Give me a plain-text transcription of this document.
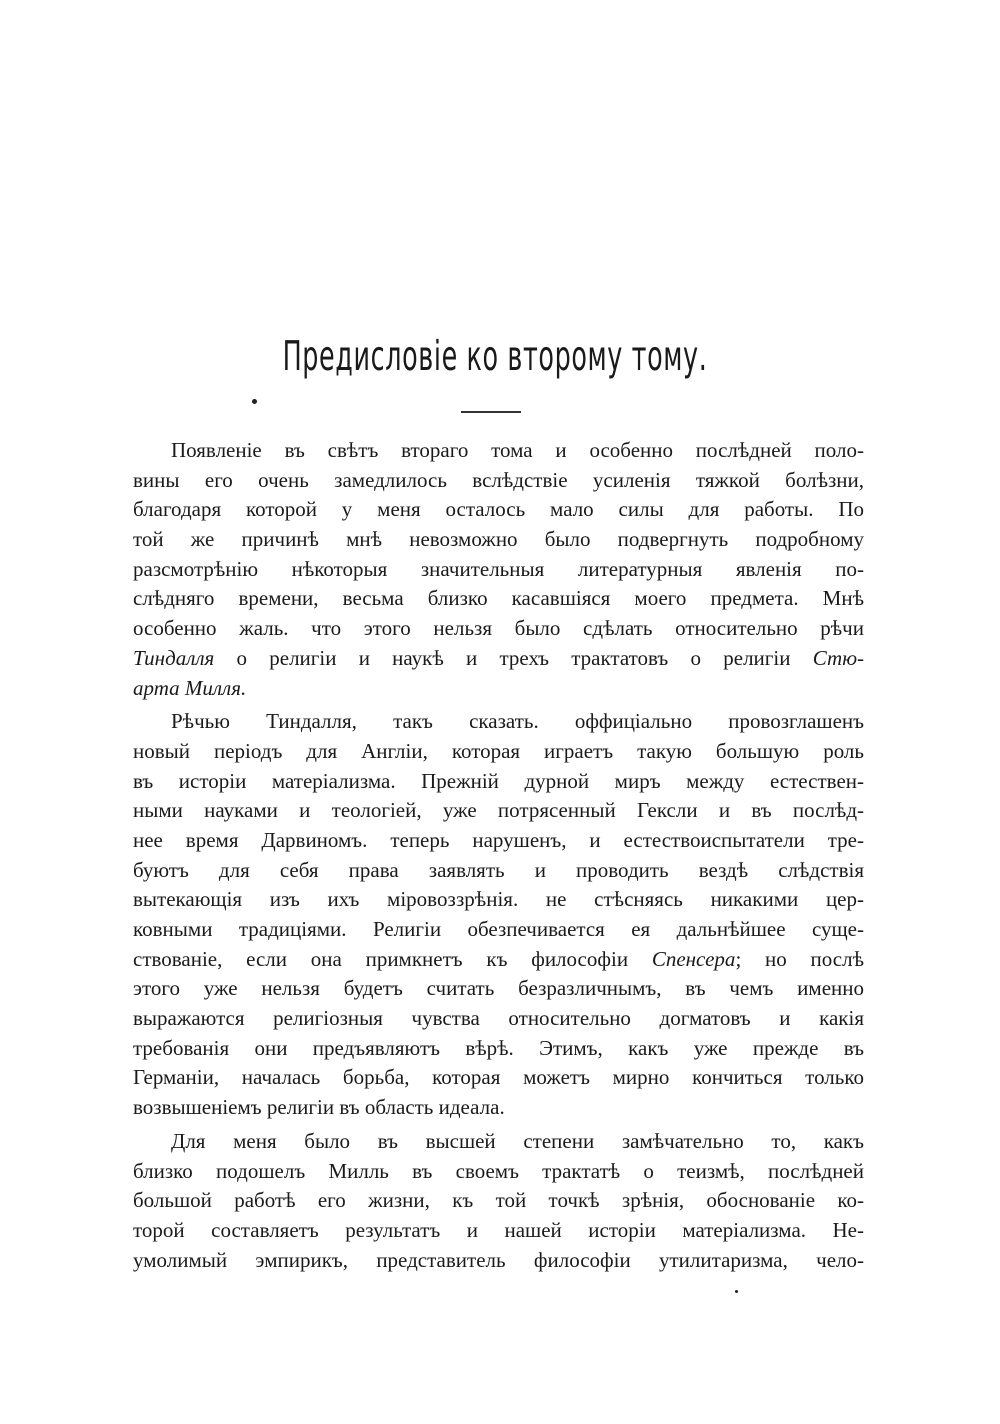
Предисловіе ко второму тому.
Появленіе въ свѣтъ втораго тома и особенно послѣдней поло-
вины его очень замедлилось вслѣдствіе усиленія тяжкой болѣзни,
благодаря которой у меня осталось мало силы для работы. По
той же причинѣ мнѣ невозможно было подвергнуть подробному
разсмотрѣнію нѣкоторыя значительныя литературныя явленія по-
слѣдняго времени, весьма близко касавшіяся моего предмета. Мнѣ
особенно жаль. что этого нельзя было сдѣлать относительно рѣчи
Тиндалля о религіи и наукѣ и трехъ трактатовъ о религіи Стю-
арта Милля.
Рѣчью Тиндалля, такъ сказать. оффиціально провозглашенъ
новый періодъ для Англіи, которая играетъ такую большую роль
въ исторіи матеріализма. Прежній дурной миръ между естествен-
ными науками и теологіей, уже потрясенный Гексли и въ послѣд-
нее время Дарвиномъ. теперь нарушенъ, и естествоиспытатели тре-
буютъ для себя права заявлять и проводить вездѣ слѣдствія
вытекающія изъ ихъ міровоззрѣнія. не стѣсняясь никакими цер-
ковными традиціями. Религіи обезпечивается ея дальнѣйшее суще-
ствованіе, если она примкнетъ къ философіи Спенсера; но послѣ
этого уже нельзя будетъ считать безразличнымъ, въ чемъ именно
выражаются религіозныя чувства относительно догматовъ и какія
требованія они предъявляютъ вѣрѣ. Этимъ, какъ уже прежде въ
Германіи, началась борьба, которая можетъ мирно кончиться только
возвышеніемъ религіи въ область идеала.
Для меня было въ высшей степени замѣчательно то, какъ
близко подошелъ Милль въ своемъ трактатѣ о теизмѣ, послѣдней
большой работѣ его жизни, къ той точкѣ зрѣнія, обоснованіе ко-
торой составляетъ результатъ и нашей исторіи матеріализма. Не-
умолимый эмпирикъ, представитель философіи утилитаризма, чело-
